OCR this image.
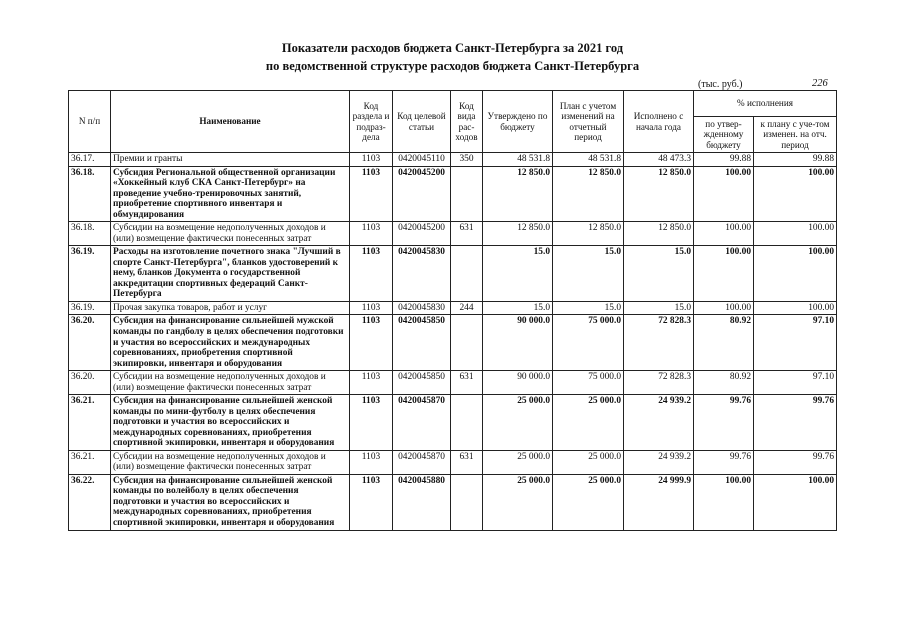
Показатели расходов бюджета Санкт-Петербурга за 2021 год
по ведомственной структуре расходов бюджета Санкт-Петербурга
(тыс. руб.)	226
N п/п	Наименование	Код раздела и подраз-дела	Код целевой статьи	Код вида рас-ходов	Утверждено по бюджету	План с учетом изменений на отчетный период	Исполнено с начала года	% исполнения	
								по утвер-жденному бюджету	к плану с уче-том изменен. на отч. период
36.17.	Премии и гранты	1103	0420045110	350	48 531.8	48 531.8	48 473.3	99.88	99.88
36.18.	Субсидия Региональной общественной организации «Хоккейный клуб СКА Санкт-Петербург» на проведение учебно-тренировочных занятий, приобретение спортивного инвентаря и обмундирования	1103	0420045200		12 850.0	12 850.0	12 850.0	100.00	100.00
36.18.	Субсидии на возмещение недополученных доходов и (или) возмещение фактически понесенных затрат	1103	0420045200	631	12 850.0	12 850.0	12 850.0	100.00	100.00
36.19.	Расходы на изготовление почетного знака "Лучший в спорте Санкт-Петербурга", бланков удостоверений к нему, бланков Документа о государственной аккредитации спортивных федераций Санкт-Петербурга	1103	0420045830		15.0	15.0	15.0	100.00	100.00
36.19.	Прочая закупка товаров, работ и услуг	1103	0420045830	244	15.0	15.0	15.0	100.00	100.00
36.20.	Субсидия на финансирование сильнейшей мужской команды по гандболу в целях обеспечения подготовки и участия во всероссийских и международных соревнованиях, приобретения спортивной экипировки, инвентаря и оборудования	1103	0420045850		90 000.0	75 000.0	72 828.3	80.92	97.10
36.20.	Субсидии на возмещение недополученных доходов и (или) возмещение фактически понесенных затрат	1103	0420045850	631	90 000.0	75 000.0	72 828.3	80.92	97.10
36.21.	Субсидия на финансирование сильнейшей женской команды по мини-футболу в целях обеспечения подготовки и участия во всероссийских и международных соревнованиях, приобретения спортивной экипировки, инвентаря и оборудования	1103	0420045870		25 000.0	25 000.0	24 939.2	99.76	99.76
36.21.	Субсидии на возмещение недополученных доходов и (или) возмещение фактически понесенных затрат	1103	0420045870	631	25 000.0	25 000.0	24 939.2	99.76	99.76
36.22.	Субсидия на финансирование сильнейшей женской команды по волейболу в целях обеспечения подготовки и участия во всероссийских и международных соревнованиях, приобретения спортивной экипировки, инвентаря и оборудования	1103	0420045880		25 000.0	25 000.0	24 999.9	100.00	100.00
